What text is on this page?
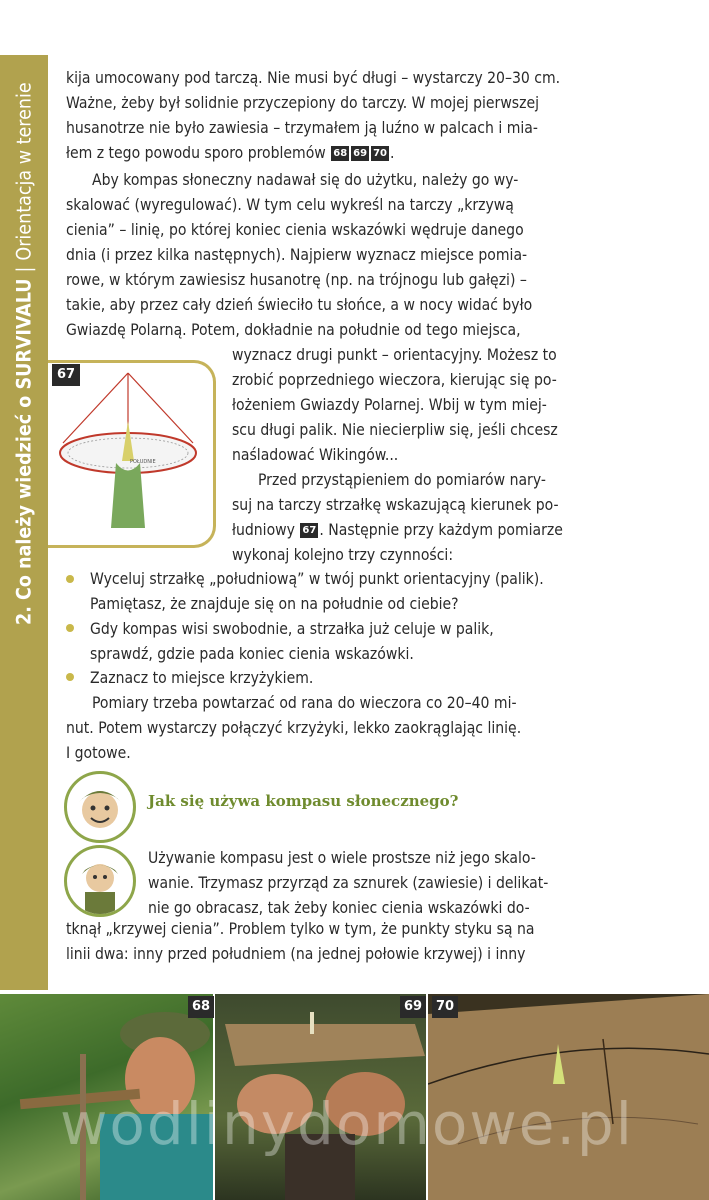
2. Co należy wiedzieć o SURVIVALU|Orientacja w terenie
kija umocowany pod tarczą. Nie musi być długi – wystarczy 20–30 cm.
Ważne, żeby był solidnie przyczepiony do tarczy. W mojej pierwszej
husanotrze nie było zawiesia – trzymałem ją luźno w palcach i mia-
łem z tego powodu sporo problemów 68 69 70 .
Aby kompas słoneczny nadawał się do użytku, należy go wy-
skalować (wyregulować). W tym celu wykreśl na tarczy „krzywą
cienia” – linię, po której koniec cienia wskazówki wędruje danego
dnia (i przez kilka następnych). Najpierw wyznacz miejsce pomia-
rowe, w którym zawiesisz husanotrę (np. na trójnogu lub gałęzi) –
takie, aby przez cały dzień świeciło tu słońce, a w nocy widać było
Gwiazdę Polarną. Potem, dokładnie na południe od tego miejsca,
wyznacz drugi punkt – orientacyjny. Możesz to
zrobić poprzedniego wieczora, kierując się po-
łożeniem Gwiazdy Polarnej. Wbij w tym miej-
scu długi palik. Nie niecierpliw się, jeśli chcesz
naśladować Wikingów...
Przed przystąpieniem do pomiarów nary-
suj na tarczy strzałkę wskazującą kierunek po-
łudniowy 67 . Następnie przy każdym pomiarze
wykonaj kolejno trzy czynności:
POŁUDNIE
67
Wyceluj strzałkę „południową” w twój punkt orientacyjny (palik).
Pamiętasz, że znajduje się on na południe od ciebie?
Gdy kompas wisi swobodnie, a strzałka już celuje w palik,
sprawdź, gdzie pada koniec cienia wskazówki.
Zaznacz to miejsce krzyżykiem.
Pomiary trzeba powtarzać od rana do wieczora co 20–40 mi-
nut. Potem wystarczy połączyć krzyżyki, lekko zaokrąglając linię.
I gotowe.
Jak się używa kompasu słonecznego?
Używanie kompasu jest o wiele prostsze niż jego skalo-
wanie. Trzymasz przyrząd za sznurek (zawiesie) i delikat-
nie go obracasz, tak żeby koniec cienia wskazówki do-
tknął „krzywej cienia”. Problem tylko w tym, że punkty styku są na
linii dwa: inny przed południem (na jednej połowie krzywej) i inny
68	69	70
wodlinydomowe.pl
